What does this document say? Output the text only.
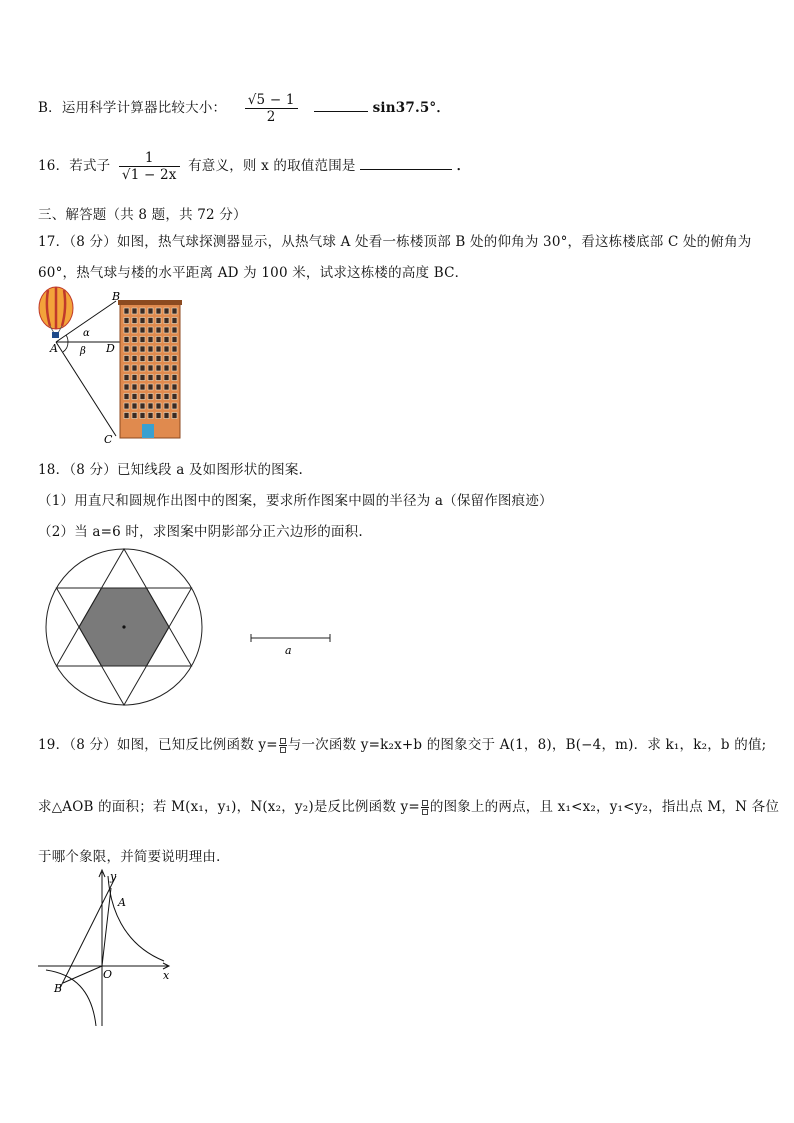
B．运用科学计算器比较大小： $\frac{√5 - 1}{2}$	sin37.5°．
16．若式子 $\frac{1}{√1 - 2x}$ 有意义，则 x 的取值范围是	．
三、解答题（共 8 题，共 72 分）
17．（8 分）如图，热气球探测器显示，从热气球 A 处看一栋楼顶部 B 处的仰角为 30°，看这栋楼底部 C 处的俯角为
60°，热气球与楼的水平距离 AD 为 100 米，试求这栋楼的高度 BC．
B
A	D
C
α
β
18．（8 分）已知线段 a 及如图形状的图案.
（1）用直尺和圆规作出图中的图案，要求所作图案中圆的半径为 a（保留作图痕迹）
（2）当 a=6 时，求图案中阴影部分正六边形的面积.
a
19．（8 分）如图，已知反比例函数 y= 与一次函数 y=k₂x+b 的图象交于 A(1，8)，B(−4，m)．求 k₁，k₂，b 的值;
求△AOB 的面积；若 M(x₁，y₁)，N(x₂，y₂)是反比例函数 y= 的图象上的两点，且 x₁<x₂，y₁<y₂，指出点 M，N 各位
于哪个象限，并简要说明理由．
y
x
O
A
B
